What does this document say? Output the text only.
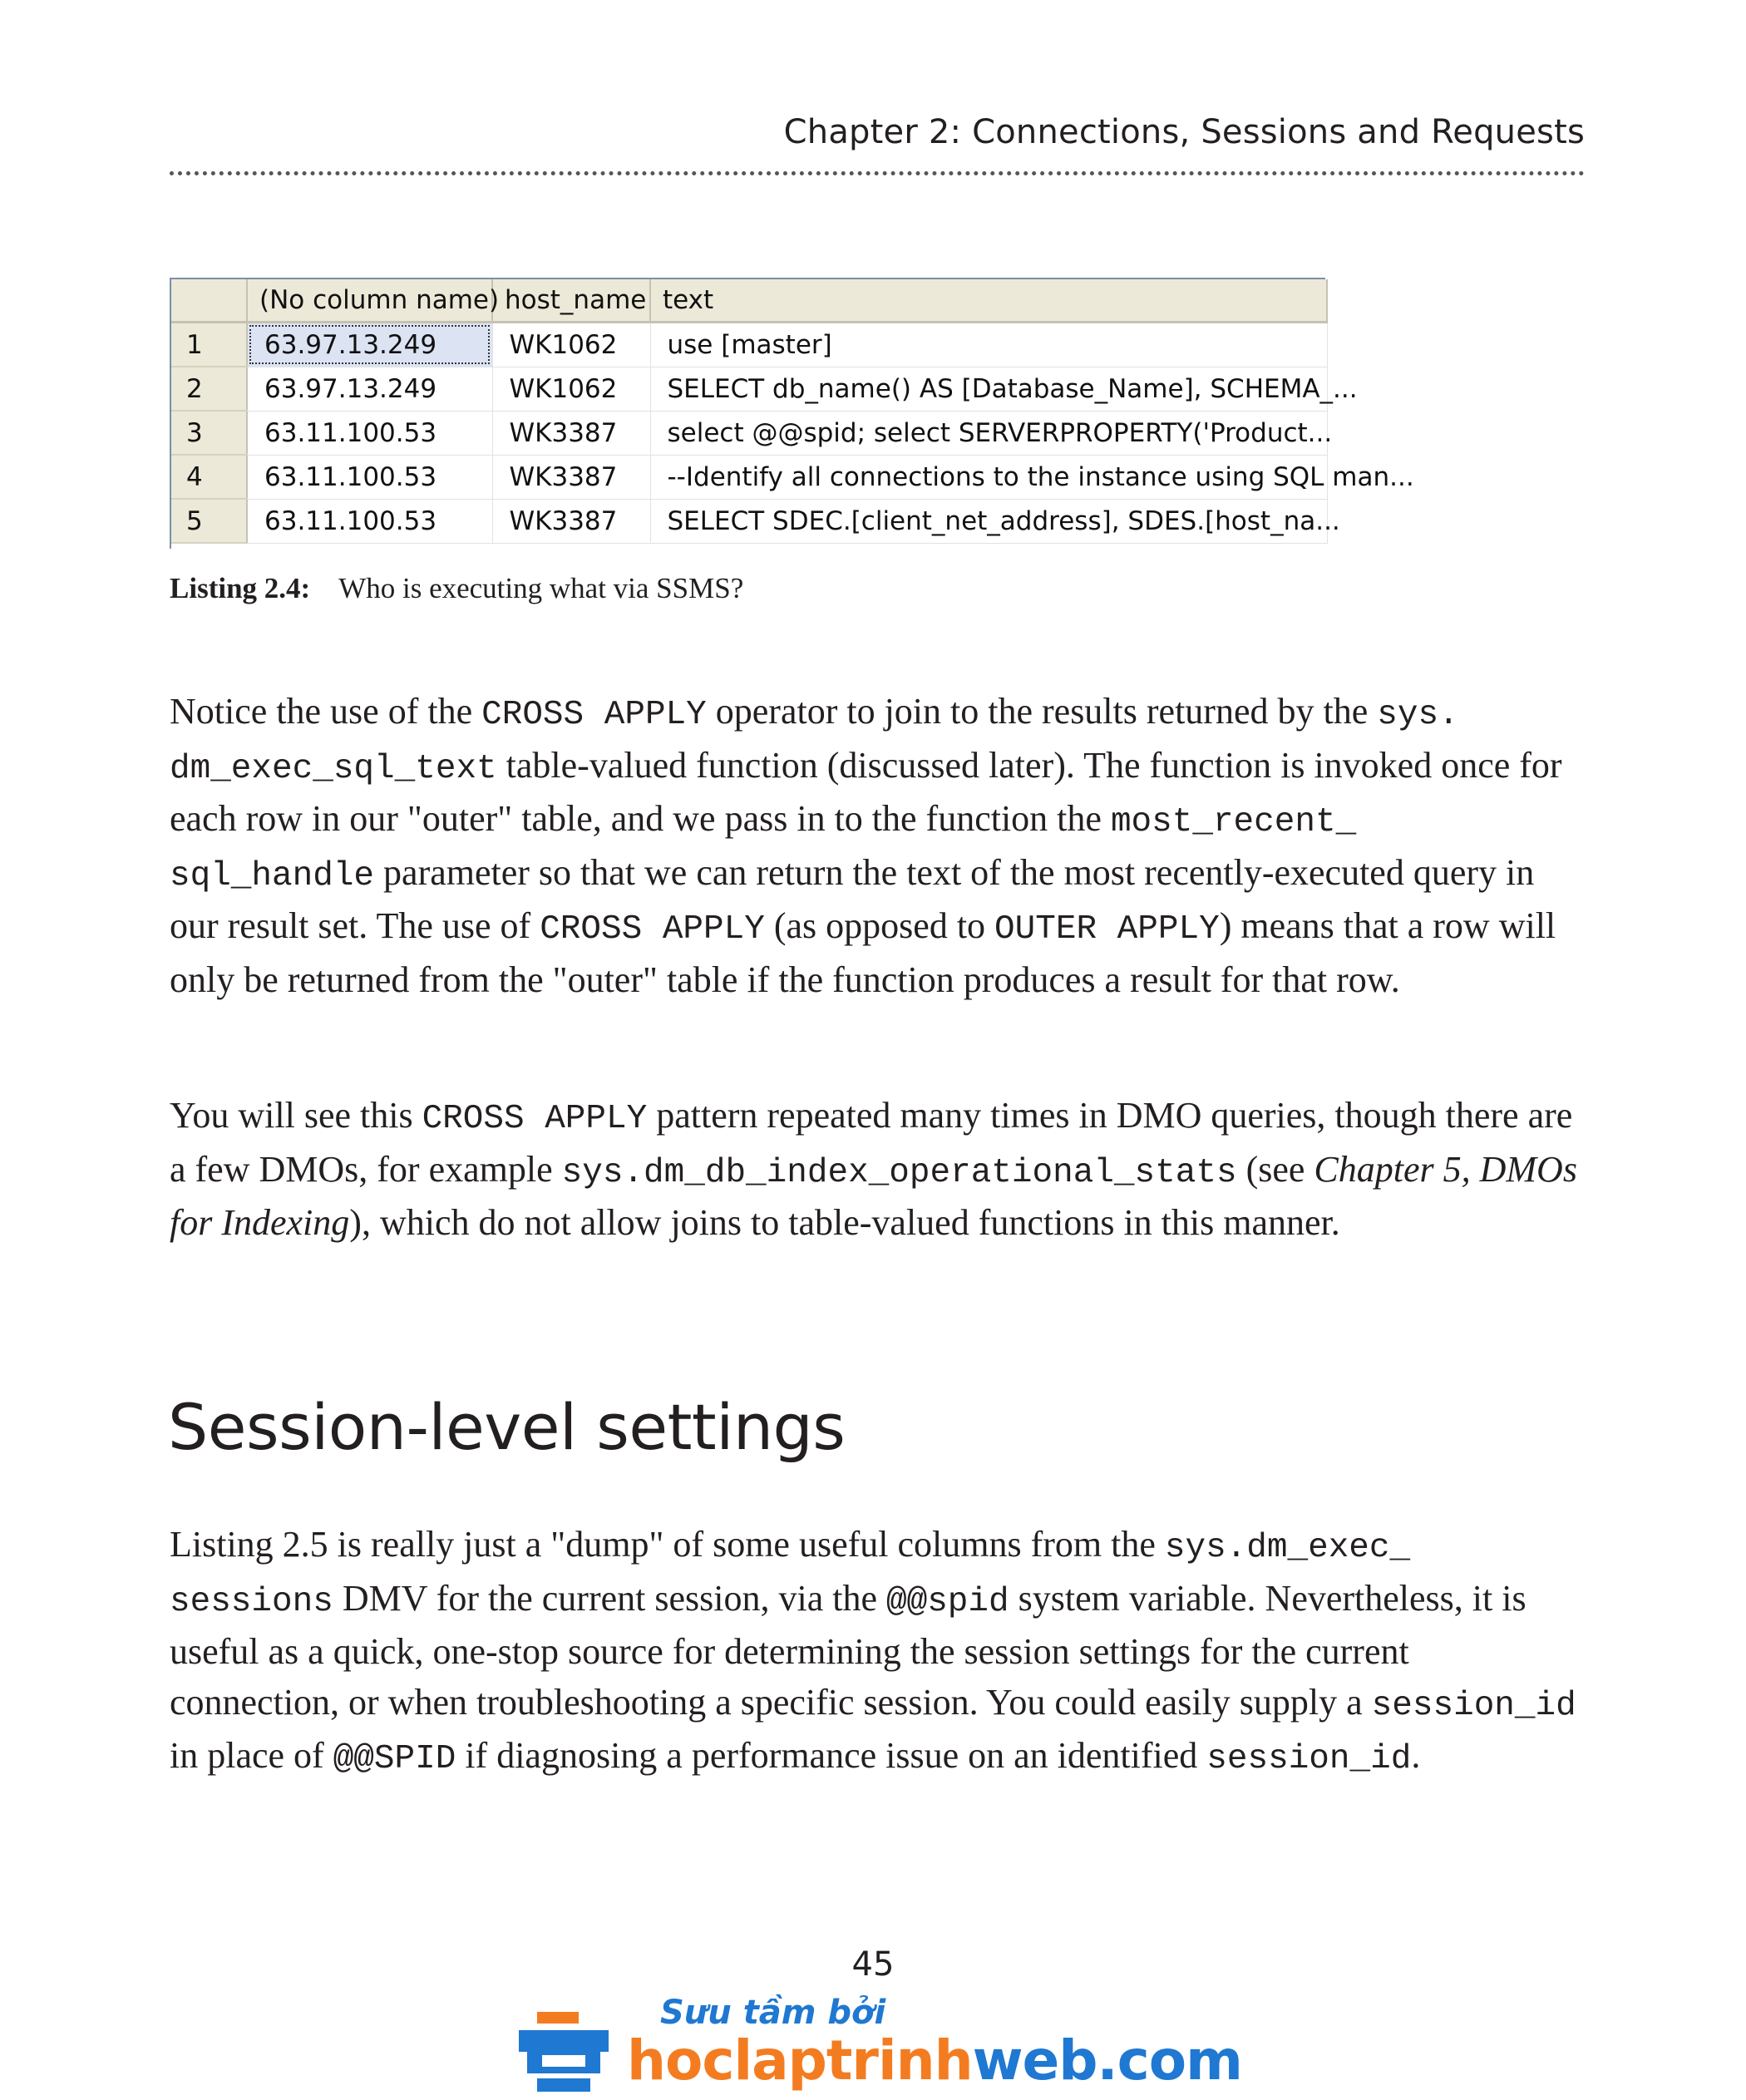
Chapter 2: Connections, Sessions and Requests
	(No column name)	host_name	text
1	63.97.13.249	WK1062	use [master]
2	63.97.13.249	WK1062	SELECT db_name() AS [Database_Name], SCHEMA_...
3	63.11.100.53	WK3387	select @@spid; select SERVERPROPERTY('Product...
4	63.11.100.53	WK3387	--Identify all connections to the instance using SQL man...
5	63.11.100.53	WK3387	SELECT SDEC.[client_net_address], SDES.[host_na...
Listing 2.4: Who is executing what via SSMS?

Notice the use of the CROSS APPLY operator to join to the results returned by the sys.
dm_exec_sql_text table-valued function (discussed later). The function is invoked once for each row in our "outer" table, and we pass in to the function the most_recent_
sql_handle parameter so that we can return the text of the most recently-executed query in our result set. The use of CROSS APPLY (as opposed to OUTER APPLY) means that a row will only be returned from the "outer" table if the function produces a result for that row.

You will see this CROSS APPLY pattern repeated many times in DMO queries, though there are a few DMOs, for example sys.dm_db_index_operational_stats (see Chapter 5, DMOs for Indexing), which do not allow joins to table-valued functions in this manner.

Session-level settings

Listing 2.5 is really just a "dump" of some useful columns from the sys.dm_exec_
sessions DMV for the current session, via the @@spid system variable. Nevertheless, it is useful as a quick, one-stop source for determining the session settings for the current connection, or when troubleshooting a specific session. You could easily supply a session_id in place of @@SPID if diagnosing a performance issue on an identified session_id.

45
Sưu tầm bởi
hoclaptrinhweb.com
